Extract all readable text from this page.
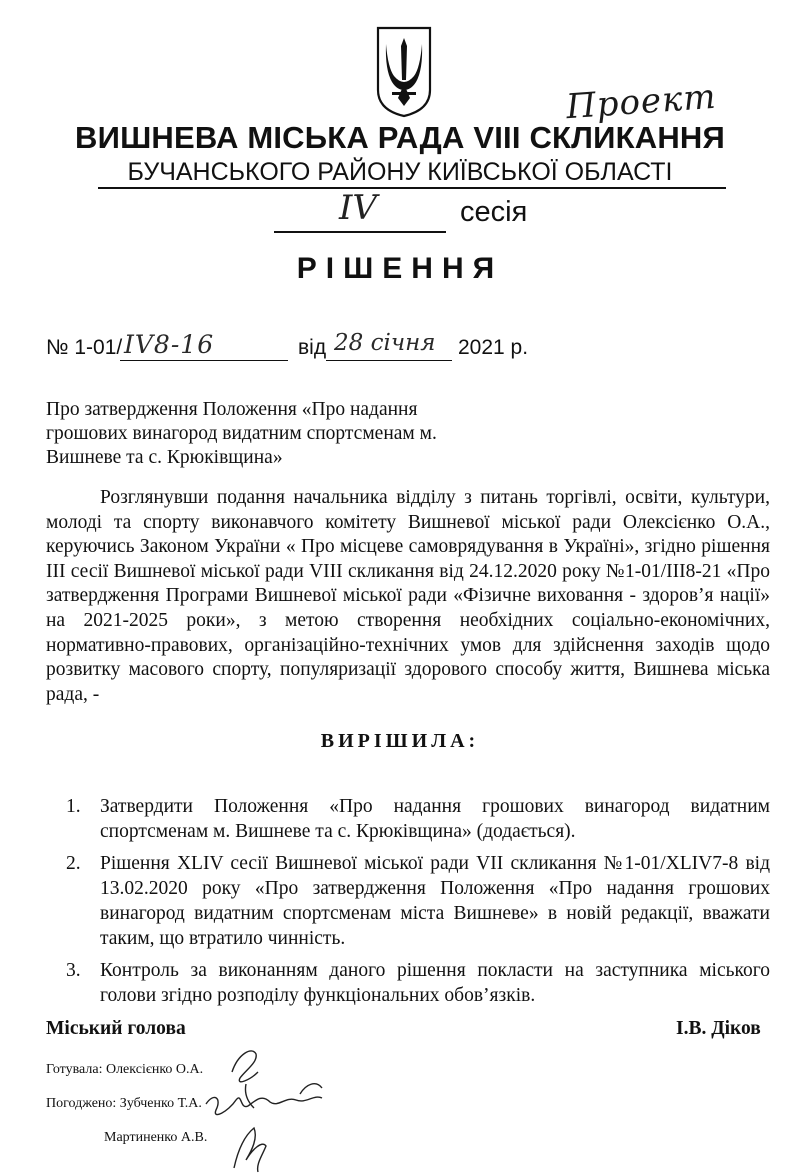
Проект
ВИШНЕВА МІСЬКА РАДА VIII СКЛИКАННЯ
БУЧАНСЬКОГО РАЙОНУ КИЇВСЬКОЇ ОБЛАСТІ
IV	сесія
РІШЕННЯ
№ 1-01/ IV8-16	від 28 січня 2021 р.
Про затвердження Положення «Про надання грошових винагород видатним спортсменам м. Вишневе та с. Крюківщина»
Розглянувши подання начальника відділу з питань торгівлі, освіти, культури, молоді та спорту виконавчого комітету Вишневої міської ради Олексієнко О.А., керуючись Законом України « Про місцеве самоврядування в Україні», згідно рішення III сесії Вишневої міської ради VIII скликання від 24.12.2020 року №1-01/III8-21 «Про затвердження Програми Вишневої міської ради «Фізичне виховання - здоров’я нації» на 2021-2025 роки», з метою створення необхідних соціально-економічних, нормативно-правових, організаційно-технічних умов для здійснення заходів щодо розвитку масового спорту, популяризації здорового способу життя, Вишнева міська рада, -
ВИРІШИЛА:
1. Затвердити Положення «Про надання грошових винагород видатним спортсменам м. Вишневе та с. Крюківщина» (додається).
2. Рішення XLIV сесії Вишневої міської ради VII скликання №1-01/XLIV7-8 від 13.02.2020 року «Про затвердження Положення «Про надання грошових винагород видатним спортсменам міста Вишневе» в новій редакції, вважати таким, що втратило чинність.
3. Контроль за виконанням даного рішення покласти на заступника міського голови згідно розподілу функціональних обов’язків.
Міський голова	І.В. Діков
Готувала: Олексієнко О.А.
Погоджено: Зубченко Т.А.
Мартиненко А.В.
